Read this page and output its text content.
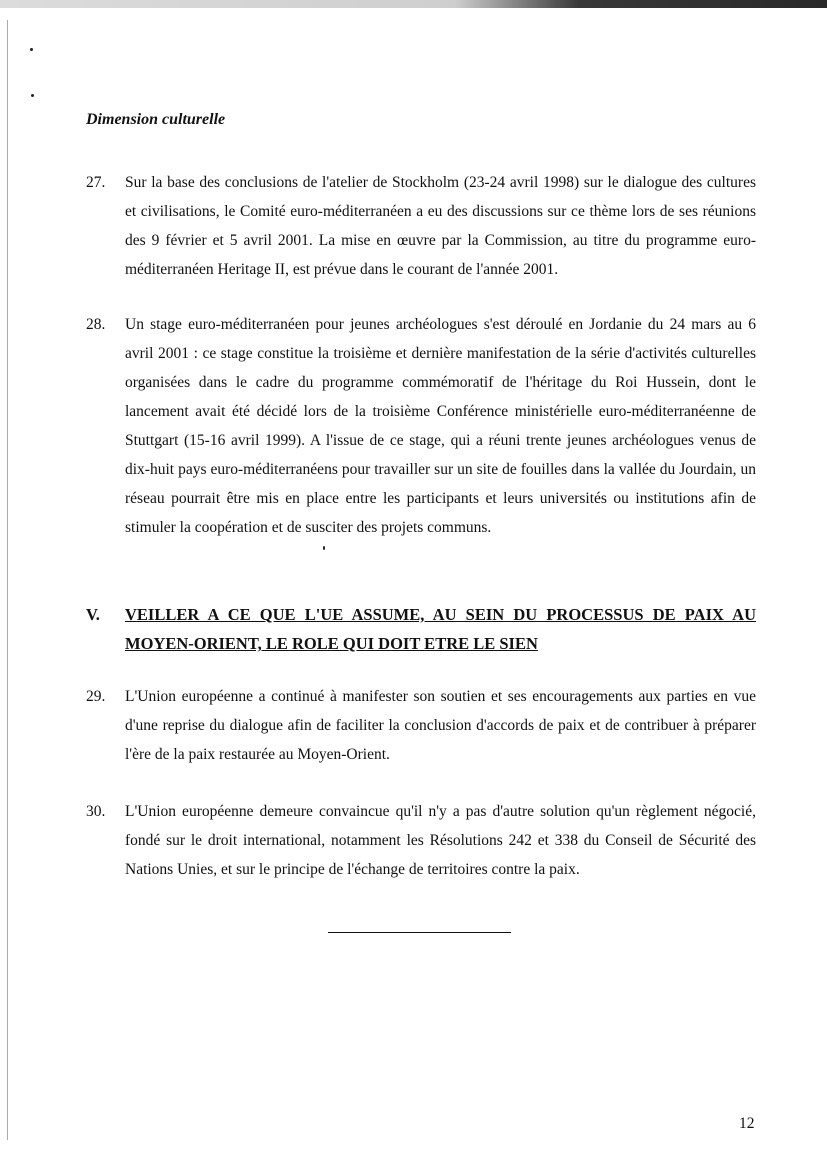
Dimension culturelle
27. Sur la base des conclusions de l'atelier de Stockholm (23-24 avril 1998) sur le dialogue des cultures et civilisations, le Comité euro-méditerranéen a eu des discussions sur ce thème lors de ses réunions des 9 février et 5 avril 2001. La mise en œuvre par la Commission, au titre du programme euro-méditerranéen Heritage II, est prévue dans le courant de l'année 2001.
28. Un stage euro-méditerranéen pour jeunes archéologues s'est déroulé en Jordanie du 24 mars au 6 avril 2001 : ce stage constitue la troisième et dernière manifestation de la série d'activités culturelles organisées dans le cadre du programme commémoratif de l'héritage du Roi Hussein, dont le lancement avait été décidé lors de la troisième Conférence ministérielle euro-méditerranéenne de Stuttgart (15-16 avril 1999). A l'issue de ce stage, qui a réuni trente jeunes archéologues venus de dix-huit pays euro-méditerranéens pour travailler sur un site de fouilles dans la vallée du Jourdain, un réseau pourrait être mis en place entre les participants et leurs universités ou institutions afin de stimuler la coopération et de susciter des projets communs.
V. VEILLER A CE QUE L'UE ASSUME, AU SEIN DU PROCESSUS DE PAIX AU MOYEN-ORIENT, LE ROLE QUI DOIT ETRE LE SIEN
29. L'Union européenne a continué à manifester son soutien et ses encouragements aux parties en vue d'une reprise du dialogue afin de faciliter la conclusion d'accords de paix et de contribuer à préparer l'ère de la paix restaurée au Moyen-Orient.
30. L'Union européenne demeure convaincue qu'il n'y a pas d'autre solution qu'un règlement négocié, fondé sur le droit international, notamment les Résolutions 242 et 338 du Conseil de Sécurité des Nations Unies, et sur le principe de l'échange de territoires contre la paix.
12
